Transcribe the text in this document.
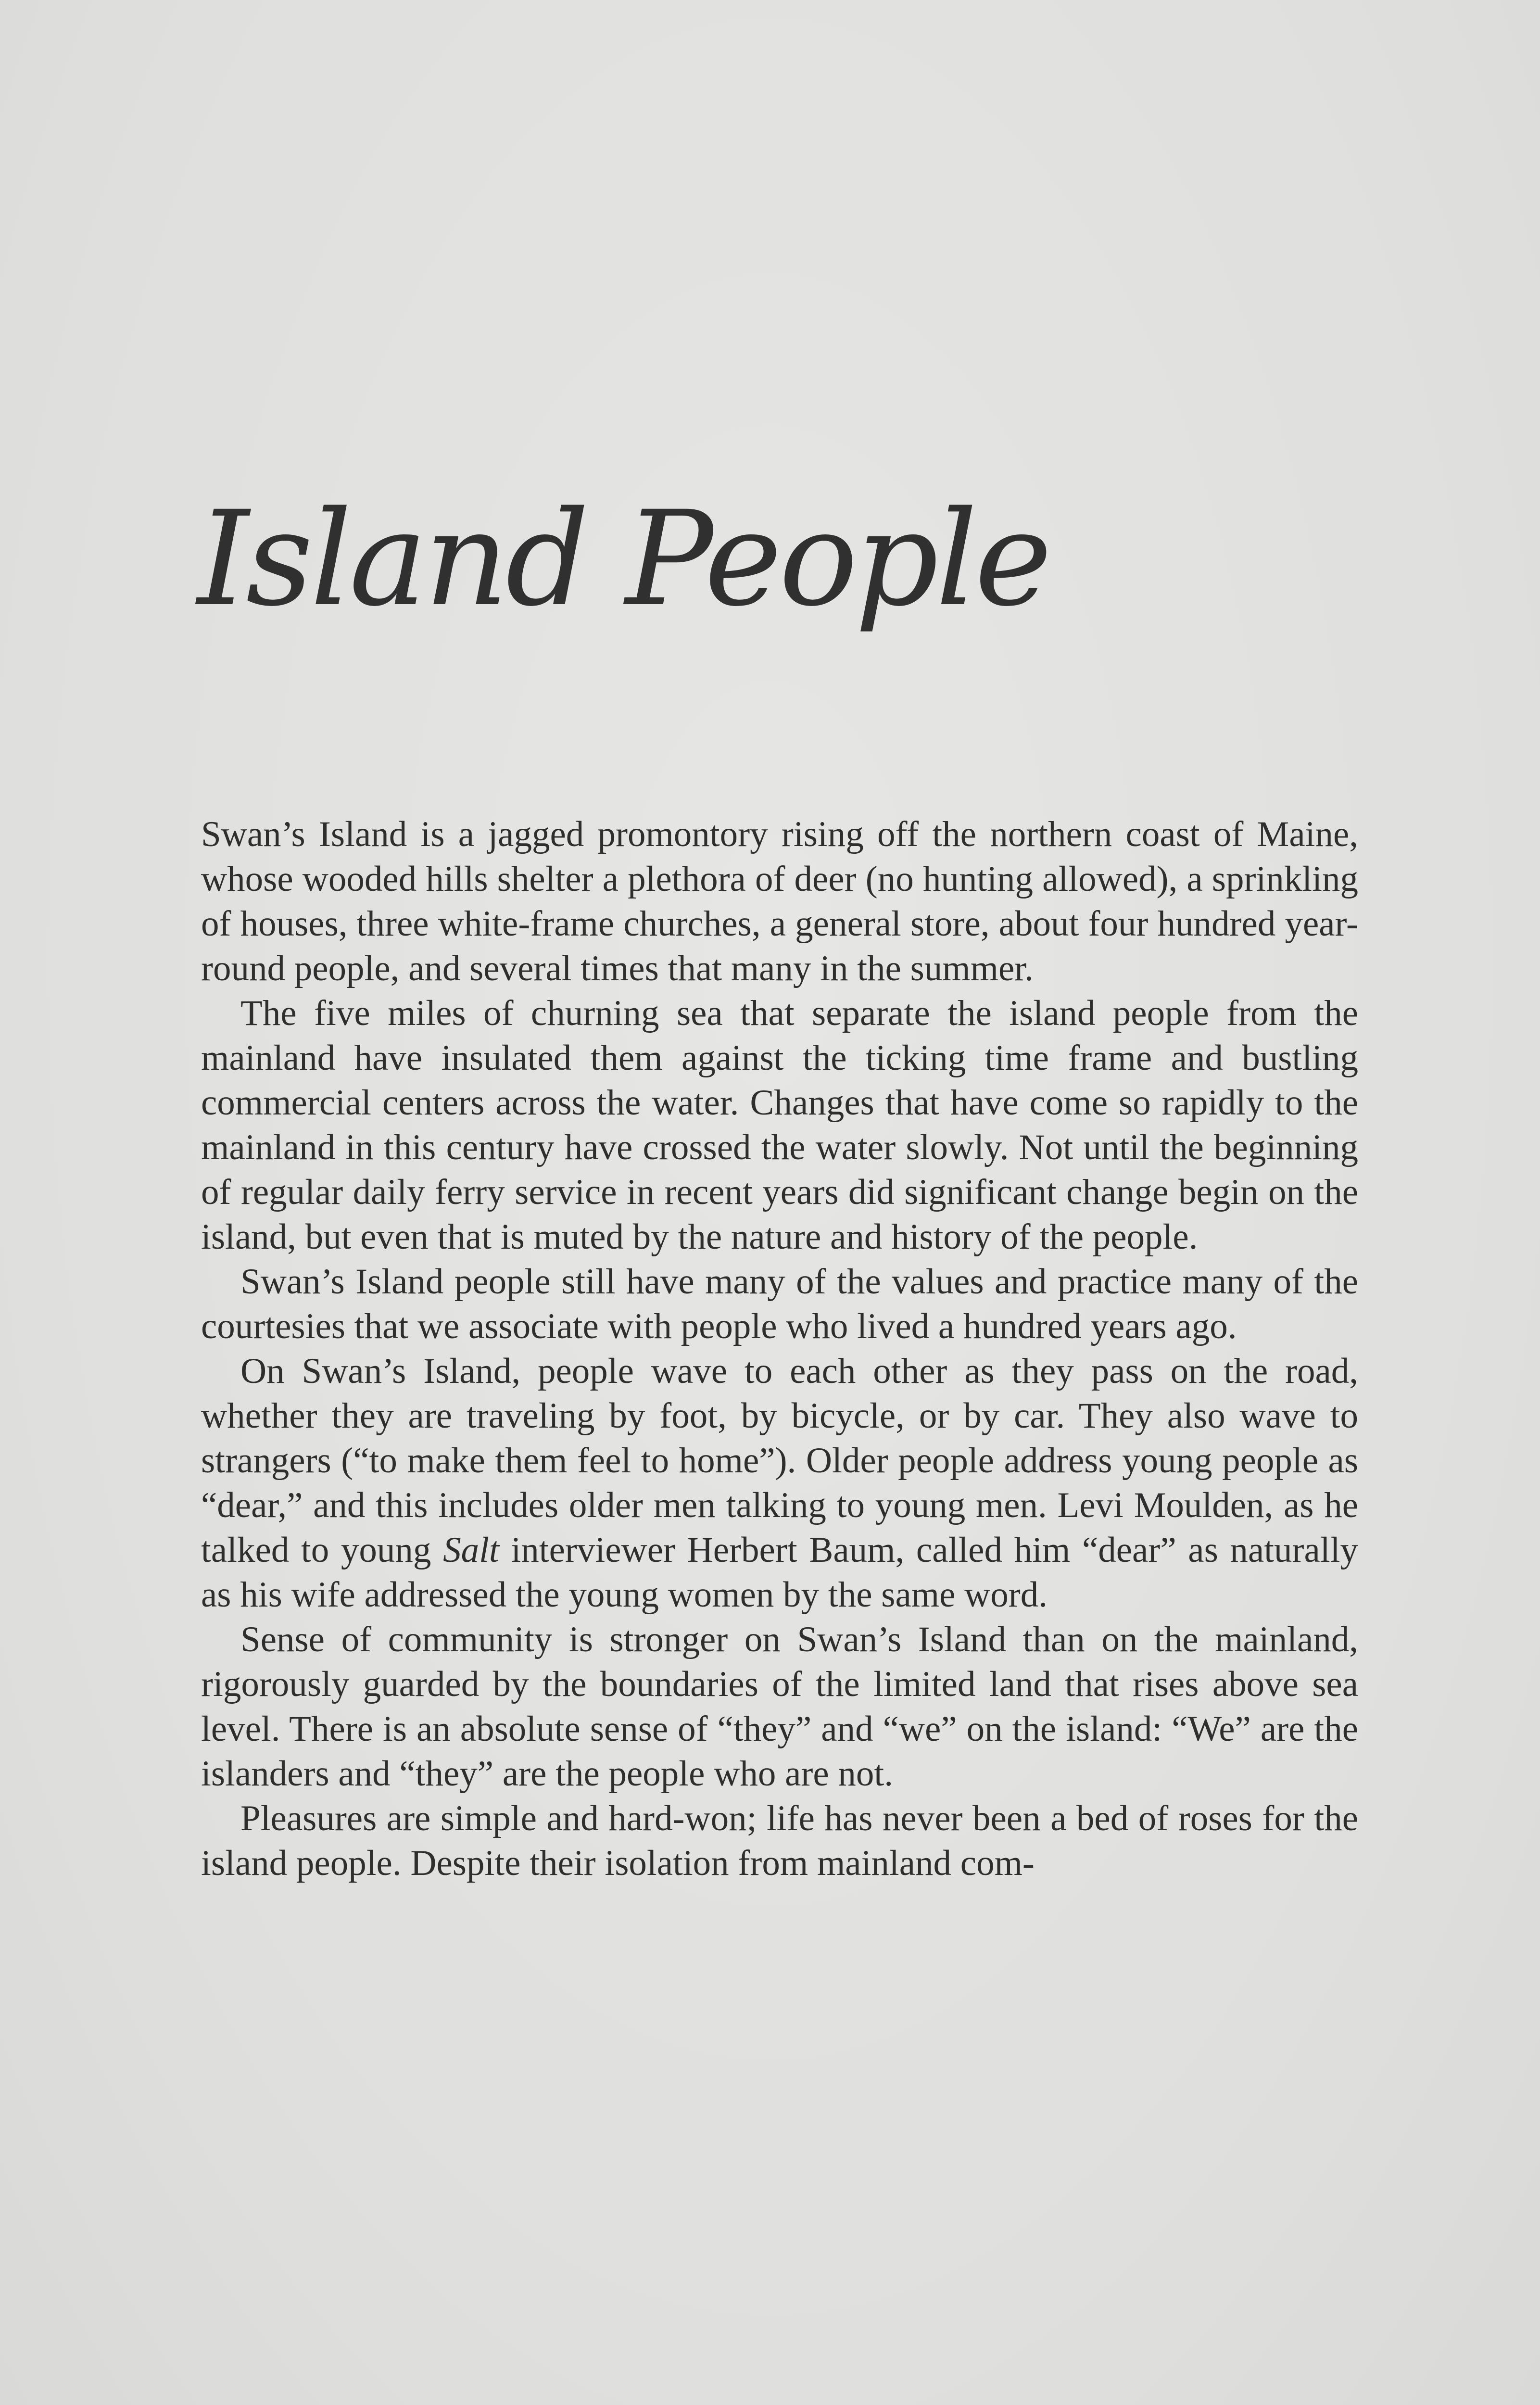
Island People

Swan’s Island is a jagged promontory rising off the northern coast of Maine, whose wooded hills shelter a plethora of deer (no hunting allowed), a sprinkling of houses, three white-frame churches, a general store, about four hundred year-round people, and several times that many in the summer.

The five miles of churning sea that separate the island people from the mainland have insulated them against the ticking time frame and bustling commercial centers across the water. Changes that have come so rapidly to the mainland in this century have crossed the water slowly. Not until the beginning of regular daily ferry service in recent years did significant change begin on the island, but even that is muted by the nature and history of the people.

Swan’s Island people still have many of the values and practice many of the courtesies that we associate with people who lived a hundred years ago.

On Swan’s Island, people wave to each other as they pass on the road, whether they are traveling by foot, by bicycle, or by car. They also wave to strangers (“to make them feel to home”). Older people address young people as “dear,” and this includes older men talking to young men. Levi Moulden, as he talked to young Salt interviewer Herbert Baum, called him “dear” as naturally as his wife addressed the young women by the same word.

Sense of community is stronger on Swan’s Island than on the mainland, rigorously guarded by the boundaries of the limited land that rises above sea level. There is an absolute sense of “they” and “we” on the island: “We” are the islanders and “they” are the people who are not.

Pleasures are simple and hard-won; life has never been a bed of roses for the island people. Despite their isolation from mainland com-
